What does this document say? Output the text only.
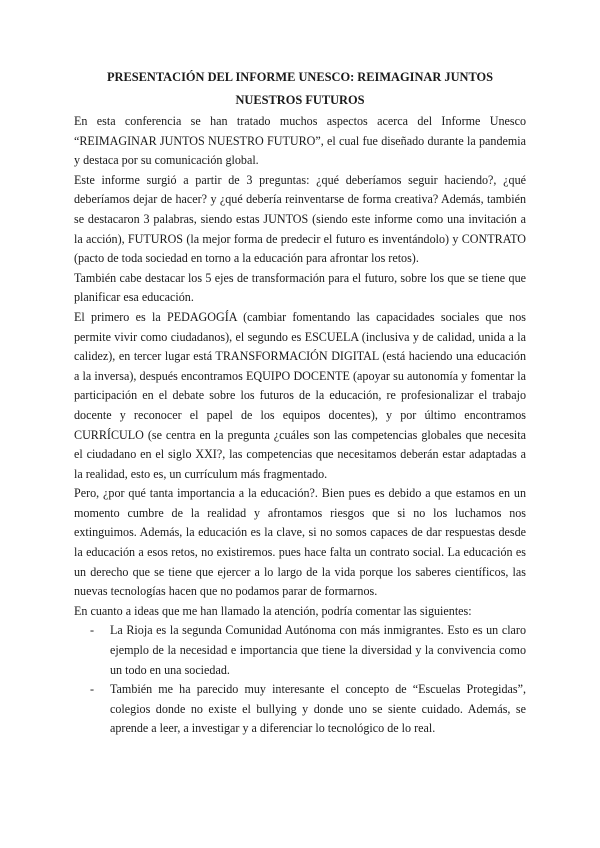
PRESENTACIÓN DEL INFORME UNESCO: REIMAGINAR JUNTOS NUESTROS FUTUROS

En esta conferencia se han tratado muchos aspectos acerca del Informe Unesco “REIMAGINAR JUNTOS NUESTRO FUTURO”, el cual fue diseñado durante la pandemia y destaca por su comunicación global.

Este informe surgió a partir de 3 preguntas: ¿qué deberíamos seguir haciendo?, ¿qué deberíamos dejar de hacer? y ¿qué debería reinventarse de forma creativa? Además, también se destacaron 3 palabras, siendo estas JUNTOS (siendo este informe como una invitación a la acción), FUTUROS (la mejor forma de predecir el futuro es inventándolo) y CONTRATO (pacto de toda sociedad en torno a la educación para afrontar los retos).

También cabe destacar los 5 ejes de transformación para el futuro, sobre los que se tiene que planificar esa educación.

El primero es la PEDAGOGÍA (cambiar fomentando las capacidades sociales que nos permite vivir como ciudadanos), el segundo es ESCUELA (inclusiva y de calidad, unida a la calidez), en tercer lugar está TRANSFORMACIÓN DIGITAL (está haciendo una educación a la inversa), después encontramos EQUIPO DOCENTE (apoyar su autonomía y fomentar la participación en el debate sobre los futuros de la educación, re profesionalizar el trabajo docente y reconocer el papel de los equipos docentes), y por último encontramos CURRÍCULO (se centra en la pregunta ¿cuáles son las competencias globales que necesita el ciudadano en el siglo XXI?, las competencias que necesitamos deberán estar adaptadas a la realidad, esto es, un currículum más fragmentado.

Pero, ¿por qué tanta importancia a la educación?. Bien pues es debido a que estamos en un momento cumbre de la realidad y afrontamos riesgos que si no los luchamos nos extinguimos. Además, la educación es la clave, si no somos capaces de dar respuestas desde la educación a esos retos, no existiremos. pues hace falta un contrato social. La educación es un derecho que se tiene que ejercer a lo largo de la vida porque los saberes científicos, las nuevas tecnologías hacen que no podamos parar de formarnos.

En cuanto a ideas que me han llamado la atención, podría comentar las siguientes:

- La Rioja es la segunda Comunidad Autónoma con más inmigrantes. Esto es un claro ejemplo de la necesidad e importancia que tiene la diversidad y la convivencia como un todo en una sociedad.
- También me ha parecido muy interesante el concepto de “Escuelas Protegidas”, colegios donde no existe el bullying y donde uno se siente cuidado. Además, se aprende a leer, a investigar y a diferenciar lo tecnológico de lo real.
